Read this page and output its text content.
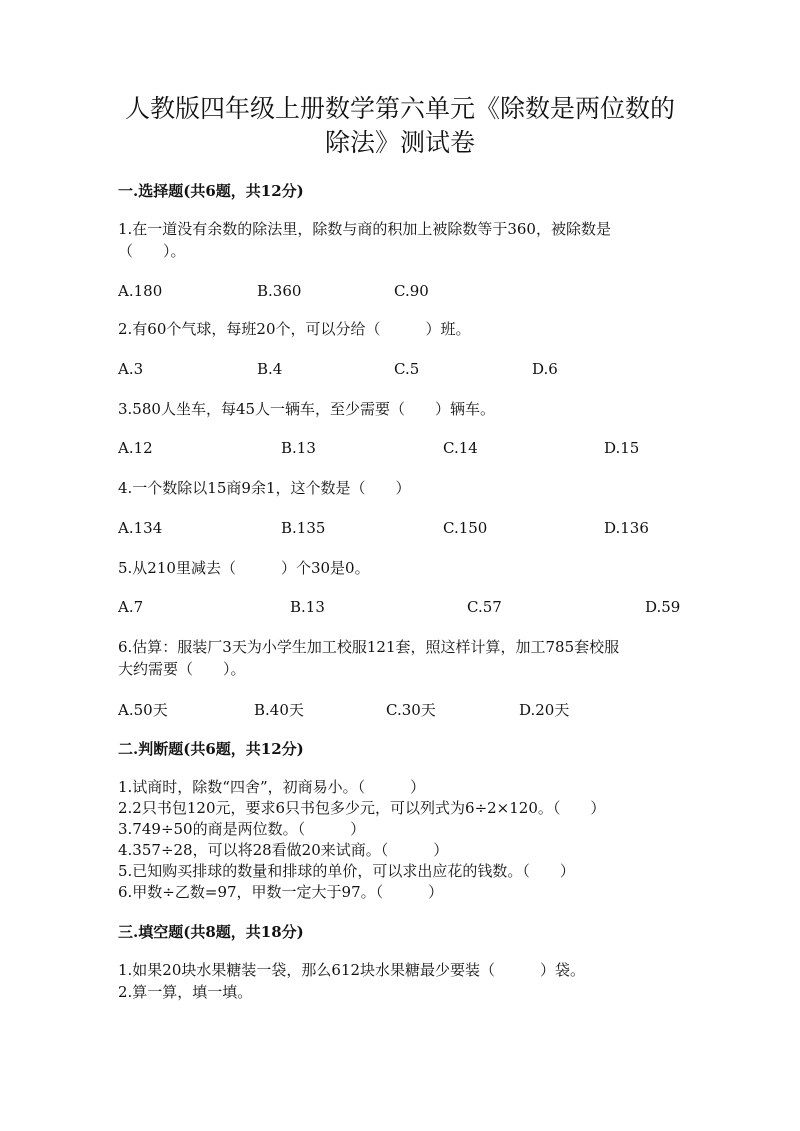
人教版四年级上册数学第六单元《除数是两位数的
除法》测试卷
一.选择题(共6题，共12分)
1.在一道没有余数的除法里，除数与商的积加上被除数等于360，被除数是
（　　）。
A.180	B.360	C.90
2.有60个气球，每班20个，可以分给（　　　）班。
A.3	B.4	C.5	D.6
3.580人坐车，每45人一辆车，至少需要（　　）辆车。
A.12	B.13	C.14	D.15
4.一个数除以15商9余1，这个数是（　　）
A.134	B.135	C.150	D.136
5.从210里减去（　　　）个30是0。
A.7	B.13	C.57	D.59
6.估算：服装厂3天为小学生加工校服121套，照这样计算，加工785套校服
大约需要（　　）。
A.50天	B.40天	C.30天	D.20天
二.判断题(共6题，共12分)
1.试商时，除数“四舍”，初商易小。（　　　）
2.2只书包120元，要求6只书包多少元，可以列式为6÷2×120。（　　）
3.749÷50的商是两位数。（　　　）
4.357÷28，可以将28看做20来试商。（　　　）
5.已知购买排球的数量和排球的单价，可以求出应花的钱数。（　　）
6.甲数÷乙数=97，甲数一定大于97。（　　　）
三.填空题(共8题，共18分)
1.如果20块水果糖装一袋，那么612块水果糖最少要装（　　　）袋。
2.算一算，填一填。
